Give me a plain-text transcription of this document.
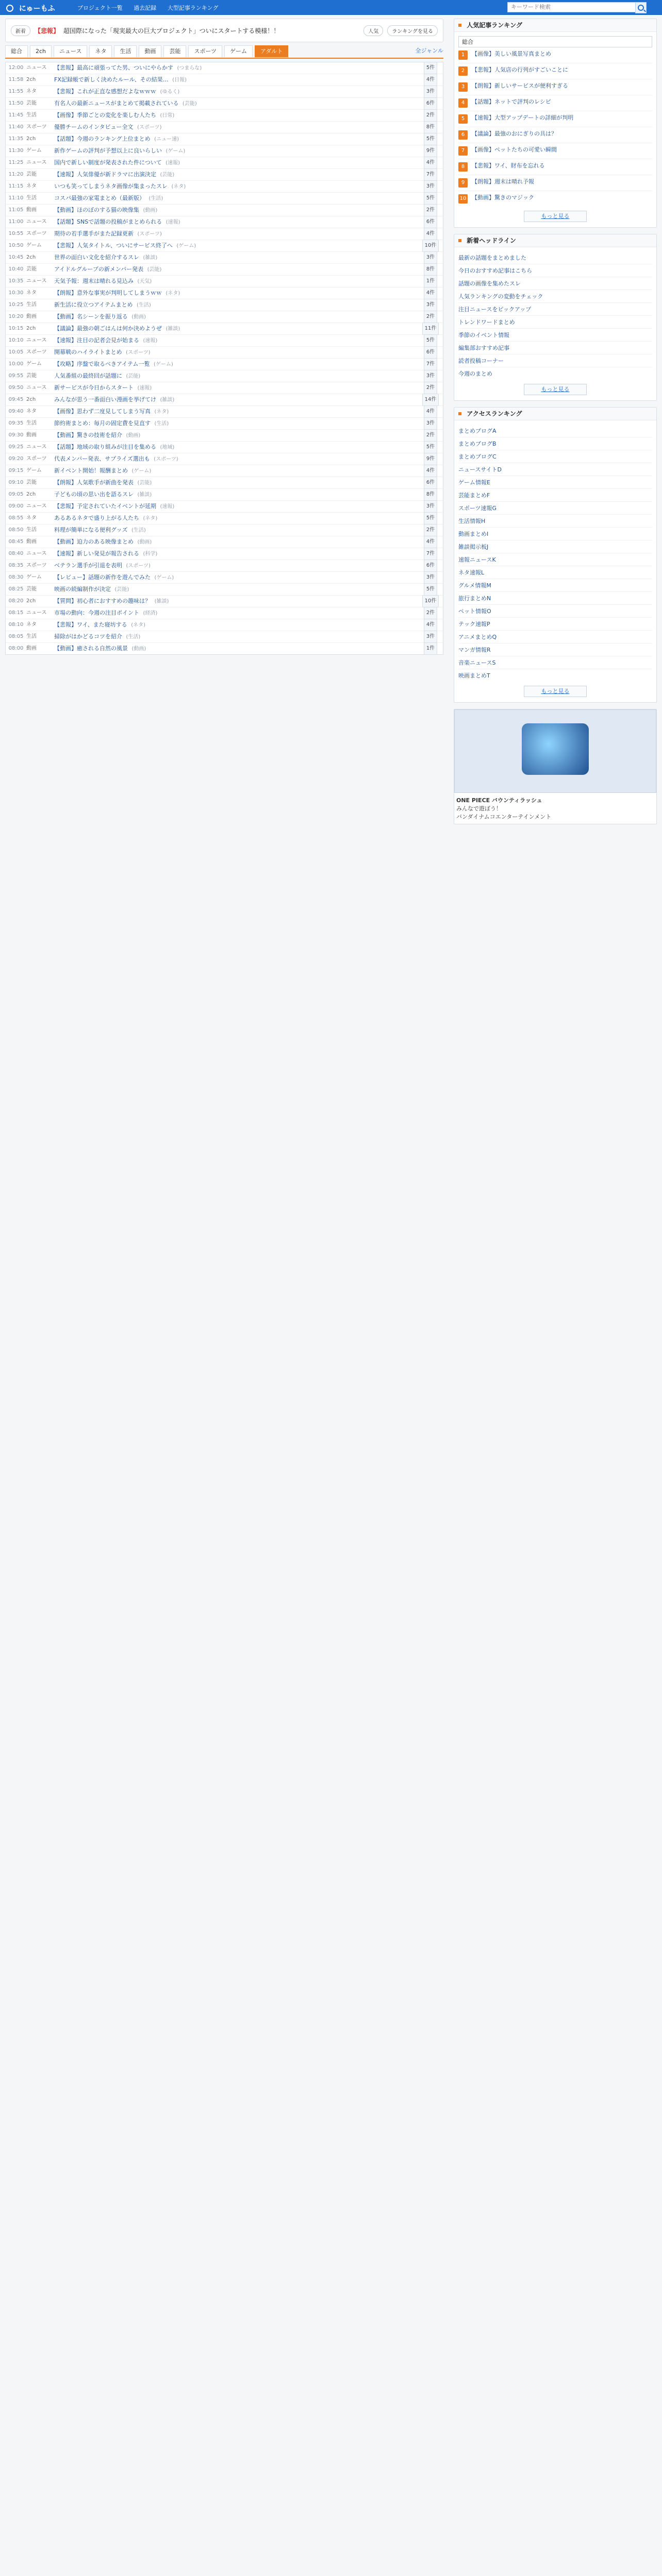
にゅーもふ	プロジェクト一覧 過去記録 大型記事ランキング
キーワード検索
新着	【悲報】 超国際になった「現実最大の巨大プロジェクト」ついにスタートする模様！！	人気	ランキングを見る
総合	2ch	ニュース	ネタ	生活	動画	芸能	スポーツ	ゲーム	アダルト	全ジャンル
12:00 ニュース	【悲報】最高に頑張ってた男、ついにやらかす (つまらな)	5件
11:58 2ch	FX記録帳で新しく決めたルール、その結果… (日報)	4件
11:55 ネタ	【悲報】これが正直な感想だよなｗｗｗ (ゆるく)	3件
11:50 芸能	有名人の最新ニュースがまとめて掲載されている (芸能)	6件
11:45 生活	【画像】季節ごとの変化を楽しむ人たち (日常)	2件
11:40 スポーツ	優勝チームのインタビュー全文 (スポーツ)	8件
11:35 2ch	【話題】今週のランキング上位まとめ (ニュー速)	5件
11:30 ゲーム	新作ゲームの評判が予想以上に良いらしい (ゲーム)	9件
11:25 ニュース	国内で新しい制度が発表された件について (速報)	4件
11:20 芸能	【速報】人気俳優が新ドラマに出演決定 (芸能)	7件
11:15 ネタ	いつも笑ってしまうネタ画像が集まったスレ (ネタ)	3件
11:10 生活	コスパ最強の家電まとめ（最新版） (生活)	5件
11:05 動画	【動画】ほのぼのする猫の映像集 (動画)	2件
11:00 ニュース	【話題】SNSで話題の投稿がまとめられる (速報)	6件
10:55 スポーツ	期待の若手選手がまた記録更新 (スポーツ)	4件
10:50 ゲーム	【悲報】人気タイトル、ついにサービス終了へ (ゲーム)	10件
10:45 2ch	世界の面白い文化を紹介するスレ (雑談)	3件
10:40 芸能	アイドルグループの新メンバー発表 (芸能)	8件
10:35 ニュース	天気予報：週末は晴れる見込み (天気)	1件
10:30 ネタ	【朗報】意外な事実が判明してしまうｗｗ (ネタ)	4件
10:25 生活	新生活に役立つアイテムまとめ (生活)	3件
10:20 動画	【動画】名シーンを振り返る (動画)	2件
10:15 2ch	【議論】最強の朝ごはんは何か決めようぜ (雑談)	11件
10:10 ニュース	【速報】注目の記者会見が始まる (速報)	5件
10:05 スポーツ	開幕戦のハイライトまとめ (スポーツ)	6件
10:00 ゲーム	【攻略】序盤で取るべきアイテム一覧 (ゲーム)	7件
09:55 芸能	人気番組の最終回が話題に (芸能)	3件
09:50 ニュース	新サービスが今日からスタート (速報)	2件
09:45 2ch	みんなが思う一番面白い漫画を挙げてけ (雑談)	14件
09:40 ネタ	【画像】思わず二度見してしまう写真 (ネタ)	4件
09:35 生活	節約術まとめ：毎月の固定費を見直す (生活)	3件
09:30 動画	【動画】驚きの技術を紹介 (動画)	2件
09:25 ニュース	【話題】地域の取り組みが注目を集める (地域)	5件
09:20 スポーツ	代表メンバー発表、サプライズ選出も (スポーツ)	9件
09:15 ゲーム	新イベント開始！報酬まとめ (ゲーム)	4件
09:10 芸能	【朗報】人気歌手が新曲を発表 (芸能)	6件
09:05 2ch	子どもの頃の思い出を語るスレ (雑談)	8件
09:00 ニュース	【悲報】予定されていたイベントが延期 (速報)	3件
08:55 ネタ	あるあるネタで盛り上がる人たち (ネタ)	5件
08:50 生活	料理が簡単になる便利グッズ (生活)	2件
08:45 動画	【動画】迫力のある映像まとめ (動画)	4件
08:40 ニュース	【速報】新しい発見が報告される (科学)	7件
08:35 スポーツ	ベテラン選手が引退を表明 (スポーツ)	6件
08:30 ゲーム	【レビュー】話題の新作を遊んでみた (ゲーム)	3件
08:25 芸能	映画の続編制作が決定 (芸能)	5件
08:20 2ch	【質問】初心者におすすめの趣味は？ (雑談)	10件
08:15 ニュース	市場の動向：今週の注目ポイント (経済)	2件
08:10 ネタ	【悲報】ワイ、また寝坊する (ネタ)	4件
08:05 生活	掃除がはかどるコツを紹介 (生活)	3件
08:00 動画	【動画】癒される自然の風景 (動画)	1件
人気記事ランキング
総合
1	【画像】美しい風景写真まとめ
2	【悲報】人気店の行列がすごいことに
3	【朗報】新しいサービスが便利すぎる
4	【話題】ネットで評判のレシピ
5	【速報】大型アップデートの詳細が判明
6	【議論】最強のおにぎりの具は？
7	【画像】ペットたちの可愛い瞬間
8	【悲報】ワイ、財布を忘れる
9	【朗報】週末は晴れ予報
10 【動画】驚きのマジック
もっと見る
新着ヘッドライン
最新の話題をまとめました
今日のおすすめ記事はこちら
話題の画像を集めたスレ
人気ランキングの変動をチェック
注目ニュースをピックアップ
トレンドワードまとめ
季節のイベント情報
編集部おすすめ記事
読者投稿コーナー
今週のまとめ
もっと見る
アクセスランキング
まとめブログA
まとめブログB
まとめブログC
ニュースサイトD
ゲーム情報E
芸能まとめF
スポーツ速報G
生活情報H
動画まとめI
雑談掲示板J
速報ニュースK
ネタ速報L
グルメ情報M
旅行まとめN
ペット情報O
テック速報P
アニメまとめQ
マンガ情報R
音楽ニュースS
映画まとめT
もっと見る
ONE PIECE バウンティラッシュ
みんなで遊ぼう！
バンダイナムコエンターテインメント
